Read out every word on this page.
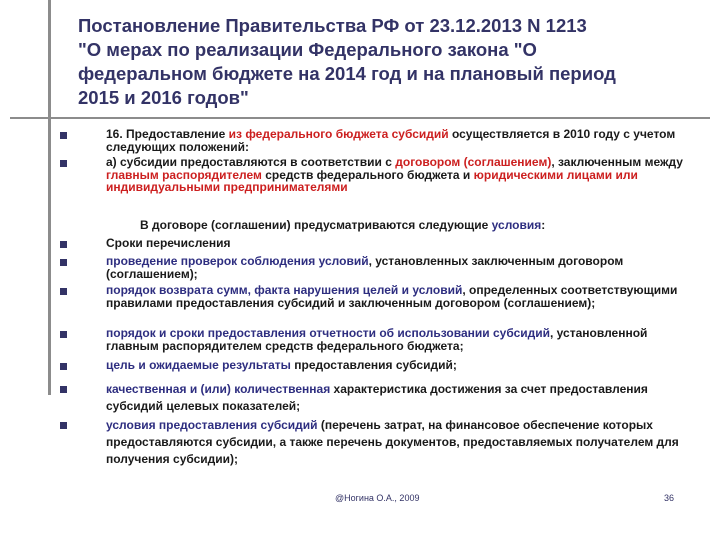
Постановление Правительства РФ от 23.12.2013 N 1213
"О мерах по реализации Федерального закона "О
федеральном бюджете на 2014 год и на плановый период
2015 и 2016 годов"
16. Предоставление из федерального бюджета субсидий осуществляется в 2010 году с учетом следующих положений:
а) субсидии предоставляются в соответствии с договором (соглашением), заключенным между главным распорядителем средств федерального бюджета и юридическими лицами или индивидуальными предпринимателями
В договоре (соглашении) предусматриваются следующие условия:
Сроки перечисления
проведение проверок соблюдения условий, установленных заключенным договором (соглашением);
порядок возврата сумм, факта нарушения целей и условий, определенных соответствующими правилами предоставления субсидий и заключенным договором (соглашением);
порядок и сроки предоставления отчетности об использовании субсидий, установленной главным распорядителем средств федерального бюджета;
цель и ожидаемые результаты предоставления субсидий;
качественная и (или) количественная характеристика достижения за счет предоставления субсидий целевых показателей;
условия предоставления субсидий (перечень затрат, на финансовое обеспечение которых предоставляются субсидии, а также перечень документов, предоставляемых получателем для получения субсидии);
@Ногина О.А., 2009	36
